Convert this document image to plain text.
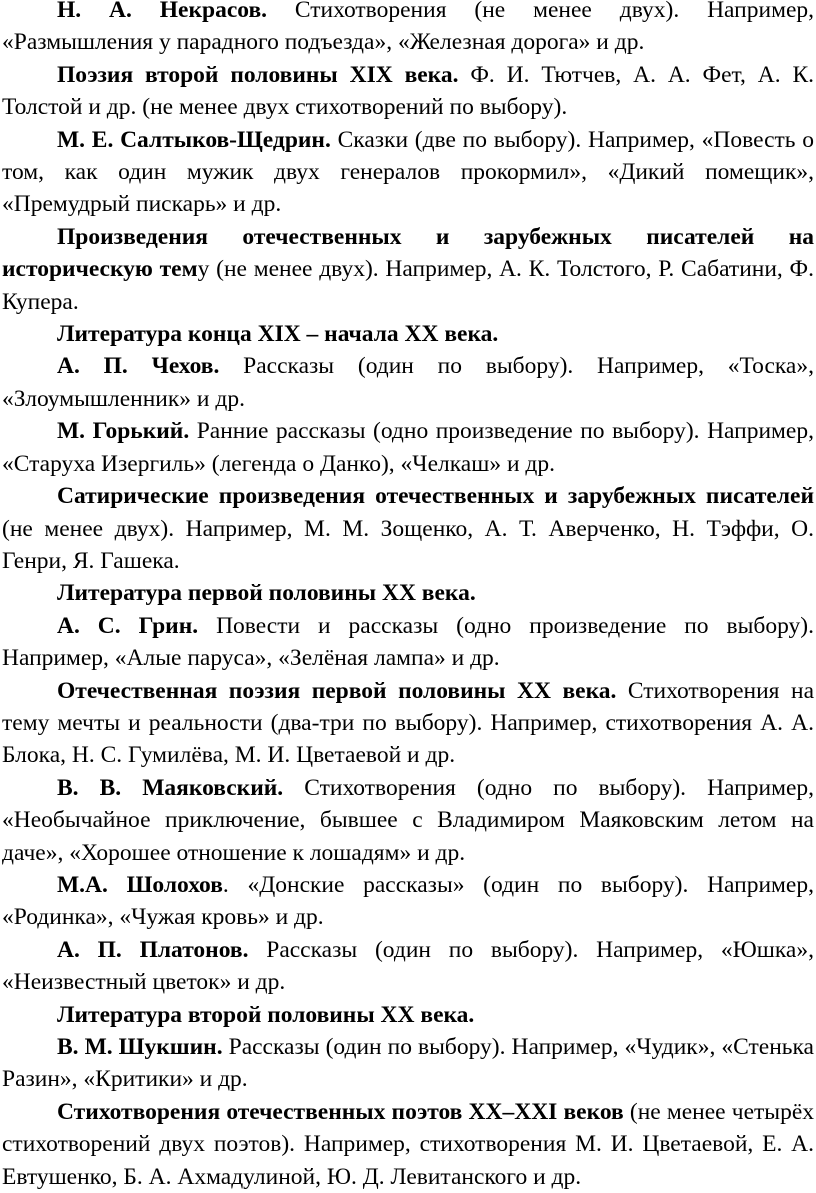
Н. А. Некрасов. Стихотворения (не менее двух). Например, «Размышления у парадного подъезда», «Железная дорога» и др.

Поэзия второй половины XIX века. Ф. И. Тютчев, А. А. Фет, А. К. Толстой и др. (не менее двух стихотворений по выбору).

М. Е. Салтыков-Щедрин. Сказки (две по выбору). Например, «Повесть о том, как один мужик двух генералов прокормил», «Дикий помещик», «Премудрый пискарь» и др.

Произведения отечественных и зарубежных писателей на историческую тему (не менее двух). Например, А. К. Толстого, Р. Сабатини, Ф. Купера.

Литература конца XIX – начала XX века.

А. П. Чехов. Рассказы (один по выбору). Например, «Тоска», «Злоумышленник» и др.

М. Горький. Ранние рассказы (одно произведение по выбору). Например, «Старуха Изергиль» (легенда о Данко), «Челкаш» и др.

Сатирические произведения отечественных и зарубежных писателей (не менее двух). Например, М. М. Зощенко, А. Т. Аверченко, Н. Тэффи, О. Генри, Я. Гашека.

Литература первой половины XX века.

А. С. Грин. Повести и рассказы (одно произведение по выбору). Например, «Алые паруса», «Зелёная лампа» и др.

Отечественная поэзия первой половины XX века. Стихотворения на тему мечты и реальности (два-три по выбору). Например, стихотворения А. А. Блока, Н. С. Гумилёва, М. И. Цветаевой и др.

В. В. Маяковский. Стихотворения (одно по выбору). Например, «Необычайное приключение, бывшее с Владимиром Маяковским летом на даче», «Хорошее отношение к лошадям» и др.

М.А. Шолохов. «Донские рассказы» (один по выбору). Например, «Родинка», «Чужая кровь» и др.

А. П. Платонов. Рассказы (один по выбору). Например, «Юшка», «Неизвестный цветок» и др.

Литература второй половины XX века.

В. М. Шукшин. Рассказы (один по выбору). Например, «Чудик», «Стенька Разин», «Критики» и др.

Стихотворения отечественных поэтов XX–XXI веков (не менее четырёх стихотворений двух поэтов). Например, стихотворения М. И. Цветаевой, Е. А. Евтушенко, Б. А. Ахмадулиной, Ю. Д. Левитанского и др.
